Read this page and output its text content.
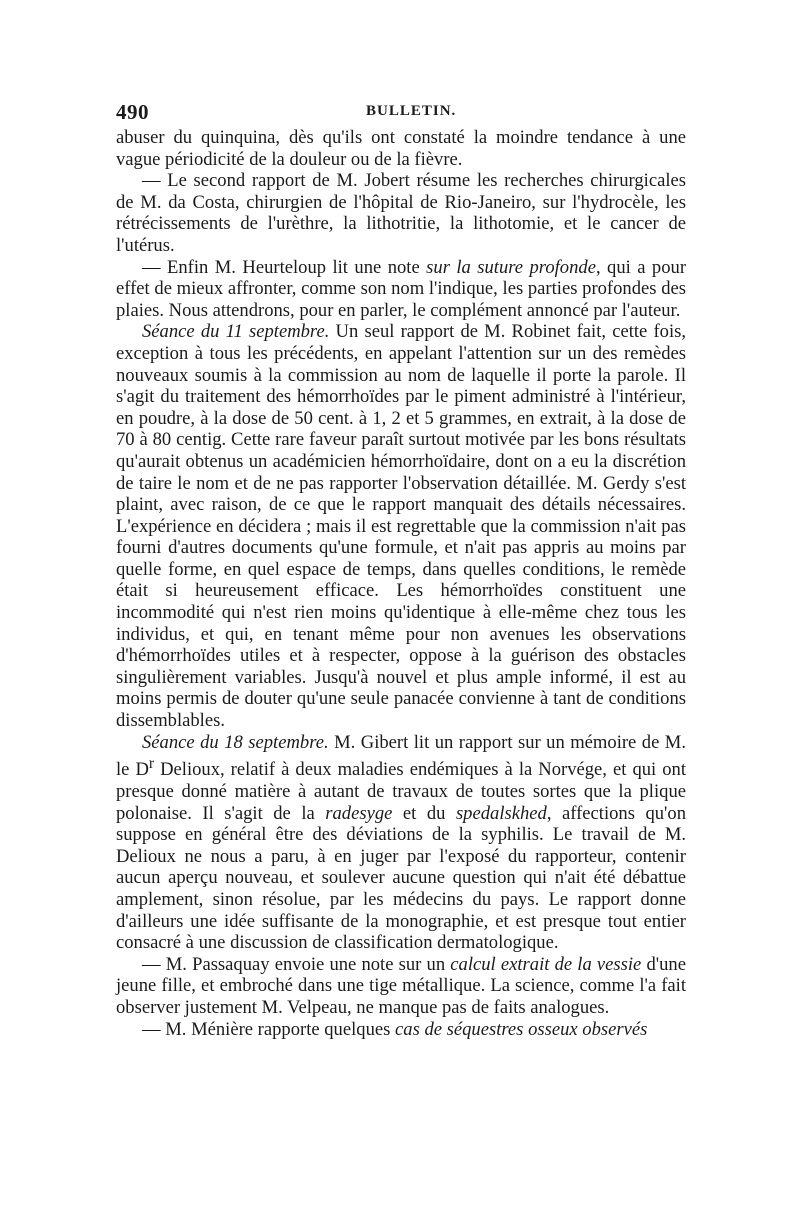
490	BULLETIN.

abuser du quinquina, dès qu'ils ont constaté la moindre tendance à une vague périodicité de la douleur ou de la fièvre.

— Le second rapport de M. Jobert résume les recherches chirurgicales de M. da Costa, chirurgien de l'hôpital de Rio-Janeiro, sur l'hydrocèle, les rétrécissements de l'urèthre, la lithotritie, la lithotomie, et le cancer de l'utérus.

— Enfin M. Heurteloup lit une note sur la suture profonde, qui a pour effet de mieux affronter, comme son nom l'indique, les parties profondes des plaies. Nous attendrons, pour en parler, le complément annoncé par l'auteur.

Séance du 11 septembre. Un seul rapport de M. Robinet fait, cette fois, exception à tous les précédents, en appelant l'attention sur un des remèdes nouveaux soumis à la commission au nom de laquelle il porte la parole. Il s'agit du traitement des hémorrhoïdes par le piment administré à l'intérieur, en poudre, à la dose de 50 cent. à 1, 2 et 5 grammes, en extrait, à la dose de 70 à 80 centig. Cette rare faveur paraît surtout motivée par les bons résultats qu'aurait obtenus un académicien hémorrhoïdaire, dont on a eu la discrétion de taire le nom et de ne pas rapporter l'observation détaillée. M. Gerdy s'est plaint, avec raison, de ce que le rapport manquait des détails nécessaires. L'expérience en décidera ; mais il est regrettable que la commission n'ait pas fourni d'autres documents qu'une formule, et n'ait pas appris au moins par quelle forme, en quel espace de temps, dans quelles conditions, le remède était si heureusement efficace. Les hémorrhoïdes constituent une incommodité qui n'est rien moins qu'identique à elle-même chez tous les individus, et qui, en tenant même pour non avenues les observations d'hémorrhoïdes utiles et à respecter, oppose à la guérison des obstacles singulièrement variables. Jusqu'à nouvel et plus ample informé, il est au moins permis de douter qu'une seule panacée convienne à tant de conditions dissemblables.

Séance du 18 septembre. M. Gibert lit un rapport sur un mémoire de M. le $D^r$ Delioux, relatif à deux maladies endémiques à la Norvége, et qui ont presque donné matière à autant de travaux de toutes sortes que la plique polonaise. Il s'agit de la radesyge et du spedalskhed, affections qu'on suppose en général être des déviations de la syphilis. Le travail de M. Delioux ne nous a paru, à en juger par l'exposé du rapporteur, contenir aucun aperçu nouveau, et soulever aucune question qui n'ait été débattue amplement, sinon résolue, par les médecins du pays. Le rapport donne d'ailleurs une idée suffisante de la monographie, et est presque tout entier consacré à une discussion de classification dermatologique.

— M. Passaquay envoie une note sur un calcul extrait de la vessie d'une jeune fille, et embroché dans une tige métallique. La science, comme l'a fait observer justement M. Velpeau, ne manque pas de faits analogues.

— M. Ménière rapporte quelques cas de séquestres osseux observés
